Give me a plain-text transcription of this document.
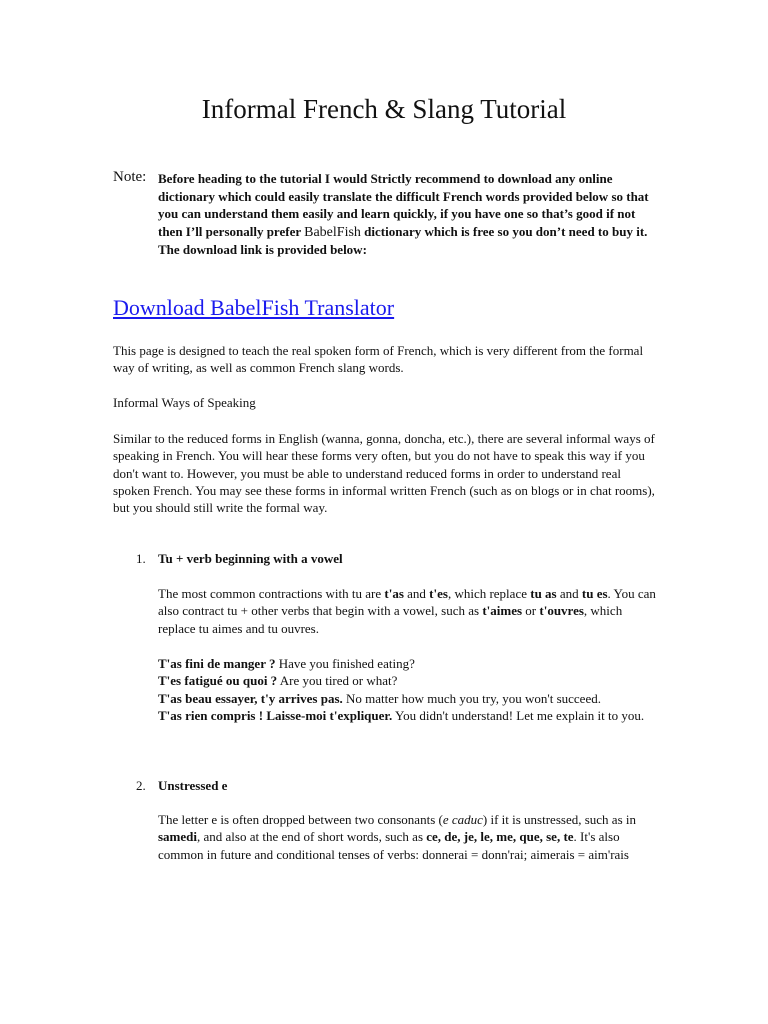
Informal French & Slang Tutorial
Note: Before heading to the tutorial I would Strictly recommend to download any online dictionary which could easily translate the difficult French words provided below so that you can understand them easily and learn quickly, if you have one so that’s good if not then I’ll personally prefer BabelFish dictionary which is free so you don’t need to buy it. The download link is provided below:
Download BabelFish Translator
This page is designed to teach the real spoken form of French, which is very different from the formal way of writing, as well as common French slang words.
Informal Ways of Speaking
Similar to the reduced forms in English (wanna, gonna, doncha, etc.), there are several informal ways of speaking in French. You will hear these forms very often, but you do not have to speak this way if you don't want to. However, you must be able to understand reduced forms in order to understand real spoken French. You may see these forms in informal written French (such as on blogs or in chat rooms), but you should still write the formal way.
1. Tu + verb beginning with a vowel
The most common contractions with tu are t'as and t'es, which replace tu as and tu es. You can also contract tu + other verbs that begin with a vowel, such as t'aimes or t'ouvres, which replace tu aimes and tu ouvres.
T'as fini de manger ? Have you finished eating?
T'es fatigué ou quoi ? Are you tired or what?
T'as beau essayer, t'y arrives pas. No matter how much you try, you won't succeed.
T'as rien compris ! Laisse-moi t'expliquer. You didn't understand! Let me explain it to you.
2. Unstressed e
The letter e is often dropped between two consonants (e caduc) if it is unstressed, such as in samedi, and also at the end of short words, such as ce, de, je, le, me, que, se, te. It's also common in future and conditional tenses of verbs: donnerai = donn'rai; aimerais = aim'rais
